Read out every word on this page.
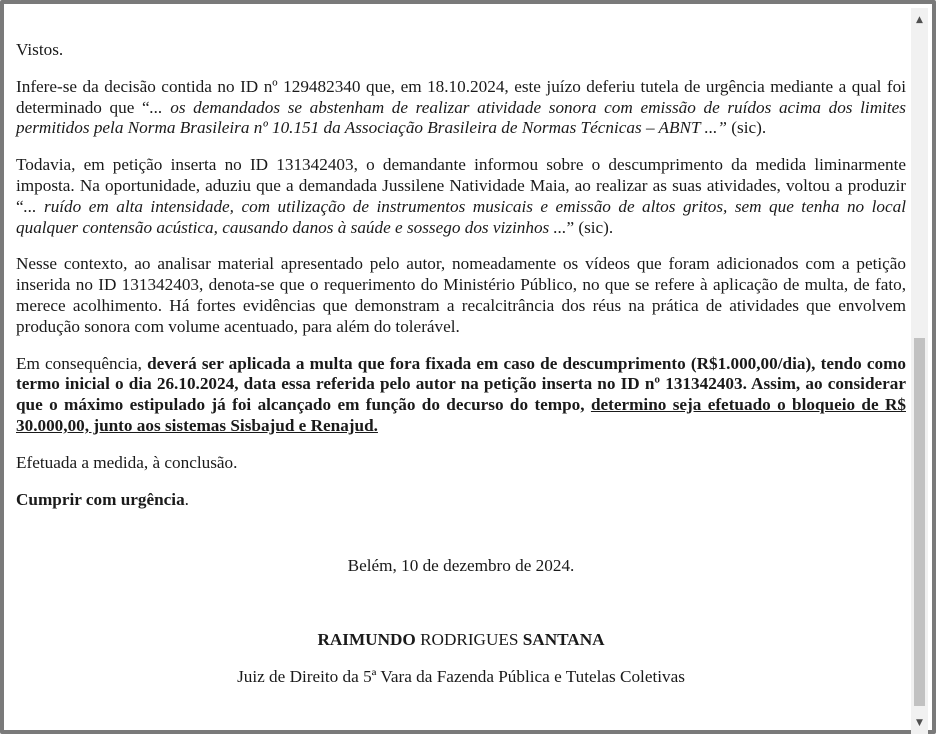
Vistos.

Infere-se da decisão contida no ID nº 129482340 que, em 18.10.2024, este juízo deferiu tutela de urgência mediante a qual foi determinado que “... os demandados se abstenham de realizar atividade sonora com emissão de ruídos acima dos limites permitidos pela Norma Brasileira nº 10.151 da Associação Brasileira de Normas Técnicas – ABNT ...” (sic).

Todavia, em petição inserta no ID 131342403, o demandante informou sobre o descumprimento da medida liminarmente imposta. Na oportunidade, aduziu que a demandada Jussilene Natividade Maia, ao realizar as suas atividades, voltou a produzir “... ruído em alta intensidade, com utilização de instrumentos musicais e emissão de altos gritos, sem que tenha no local qualquer contensão acústica, causando danos à saúde e sossego dos vizinhos ...” (sic).

Nesse contexto, ao analisar material apresentado pelo autor, nomeadamente os vídeos que foram adicionados com a petição inserida no ID 131342403, denota-se que o requerimento do Ministério Público, no que se refere à aplicação de multa, de fato, merece acolhimento. Há fortes evidências que demonstram a recalcitrância dos réus na prática de atividades que envolvem produção sonora com volume acentuado, para além do tolerável.

Em consequência, deverá ser aplicada a multa que fora fixada em caso de descumprimento (R$1.000,00/dia), tendo como termo inicial o dia 26.10.2024, data essa referida pelo autor na petição inserta no ID nº 131342403. Assim, ao considerar que o máximo estipulado já foi alcançado em função do decurso do tempo, determino seja efetuado o bloqueio de R$ 30.000,00, junto aos sistemas Sisbajud e Renajud.

Efetuada a medida, à conclusão.

Cumprir com urgência.

Belém, 10 de dezembro de 2024.

RAIMUNDO RODRIGUES SANTANA

Juiz de Direito da 5ª Vara da Fazenda Pública e Tutelas Coletivas

▲
▼
